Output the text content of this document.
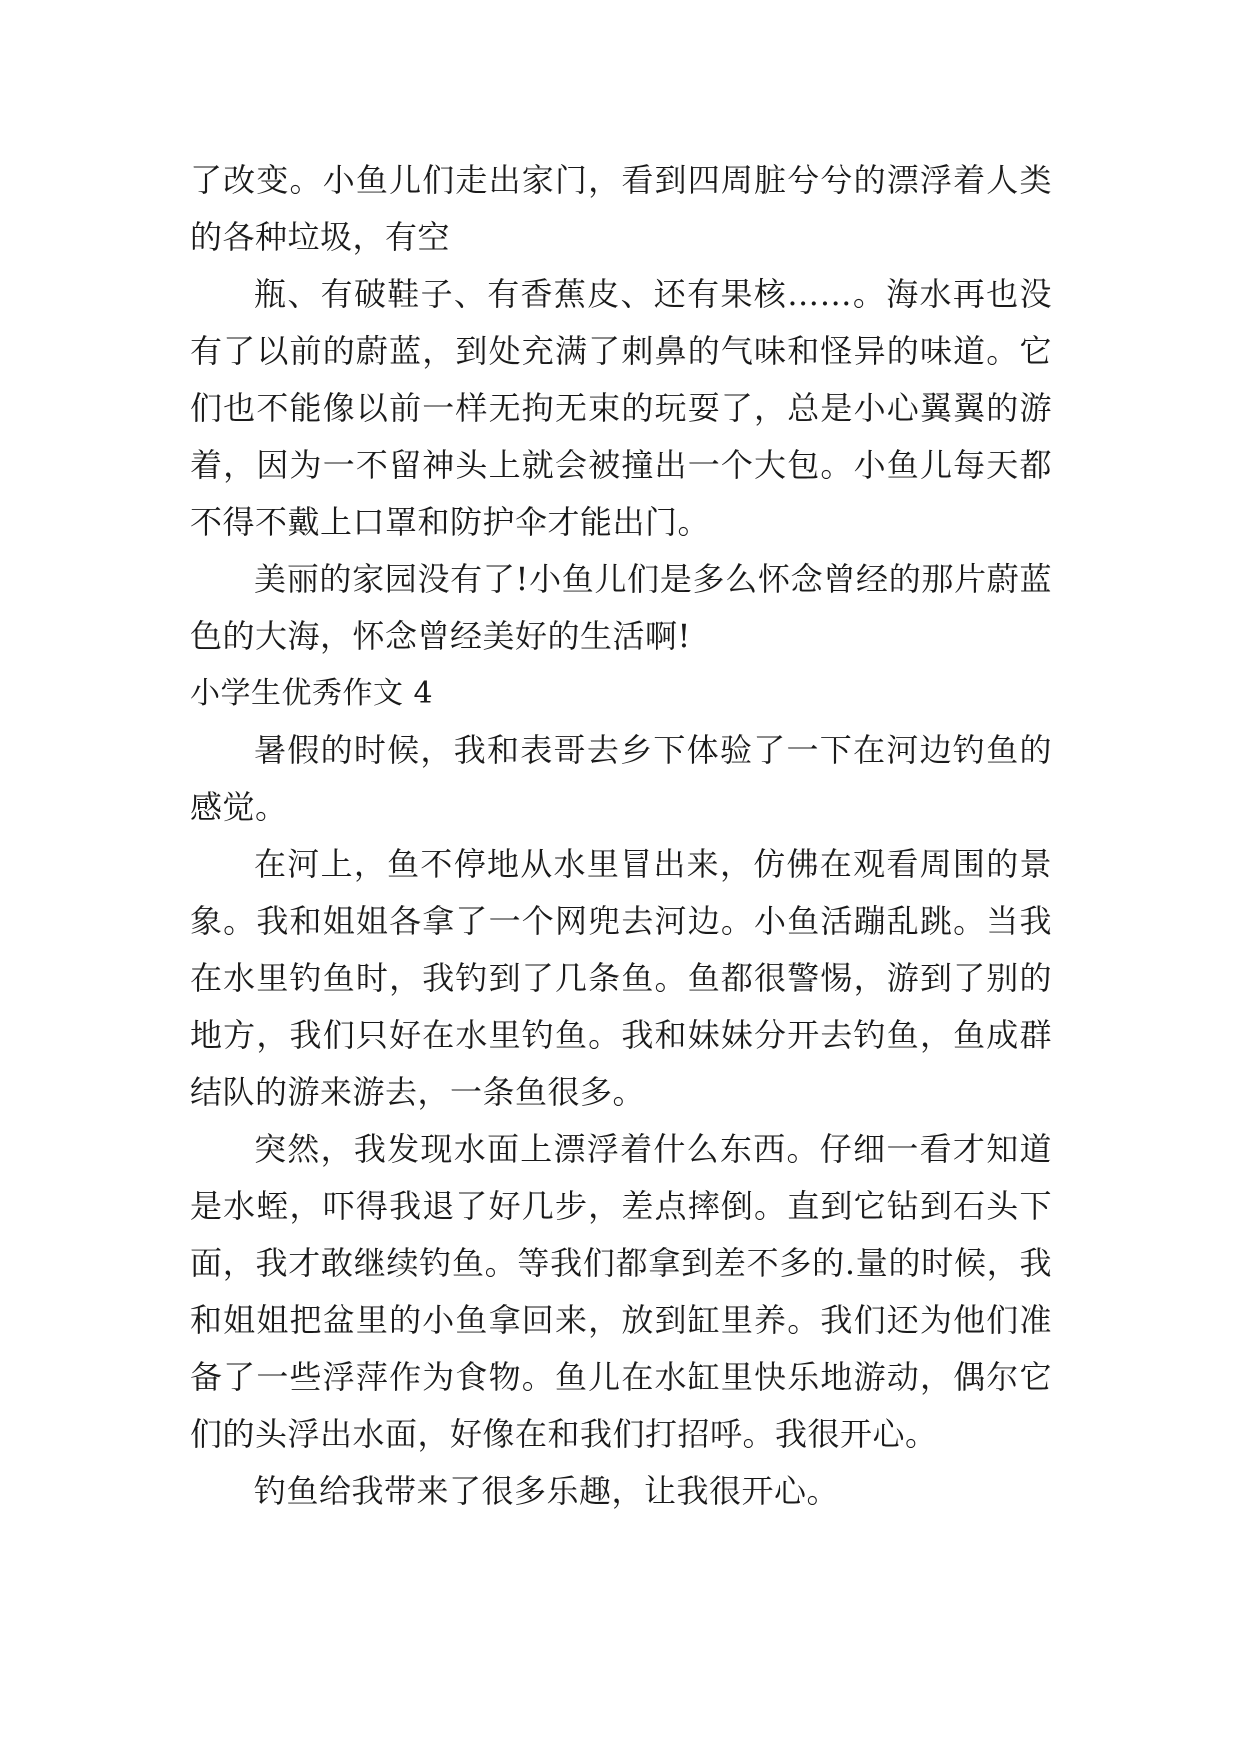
了改变。小鱼儿们走出家门，看到四周脏兮兮的漂浮着人类的各种垃圾，有空

瓶、有破鞋子、有香蕉皮、还有果核……。海水再也没有了以前的蔚蓝，到处充满了刺鼻的气味和怪异的味道。它们也不能像以前一样无拘无束的玩耍了，总是小心翼翼的游着，因为一不留神头上就会被撞出一个大包。小鱼儿每天都不得不戴上口罩和防护伞才能出门。

美丽的家园没有了!小鱼儿们是多么怀念曾经的那片蔚蓝色的大海，怀念曾经美好的生活啊!

小学生优秀作文 4

暑假的时候，我和表哥去乡下体验了一下在河边钓鱼的感觉。

在河上，鱼不停地从水里冒出来，仿佛在观看周围的景象。我和姐姐各拿了一个网兜去河边。小鱼活蹦乱跳。当我在水里钓鱼时，我钓到了几条鱼。鱼都很警惕，游到了别的地方，我们只好在水里钓鱼。我和妹妹分开去钓鱼，鱼成群结队的游来游去，一条鱼很多。

突然，我发现水面上漂浮着什么东西。仔细一看才知道是水蛭，吓得我退了好几步，差点摔倒。直到它钻到石头下面，我才敢继续钓鱼。等我们都拿到差不多的.量的时候，我和姐姐把盆里的小鱼拿回来，放到缸里养。我们还为他们准备了一些浮萍作为食物。鱼儿在水缸里快乐地游动，偶尔它们的头浮出水面，好像在和我们打招呼。我很开心。

钓鱼给我带来了很多乐趣，让我很开心。
